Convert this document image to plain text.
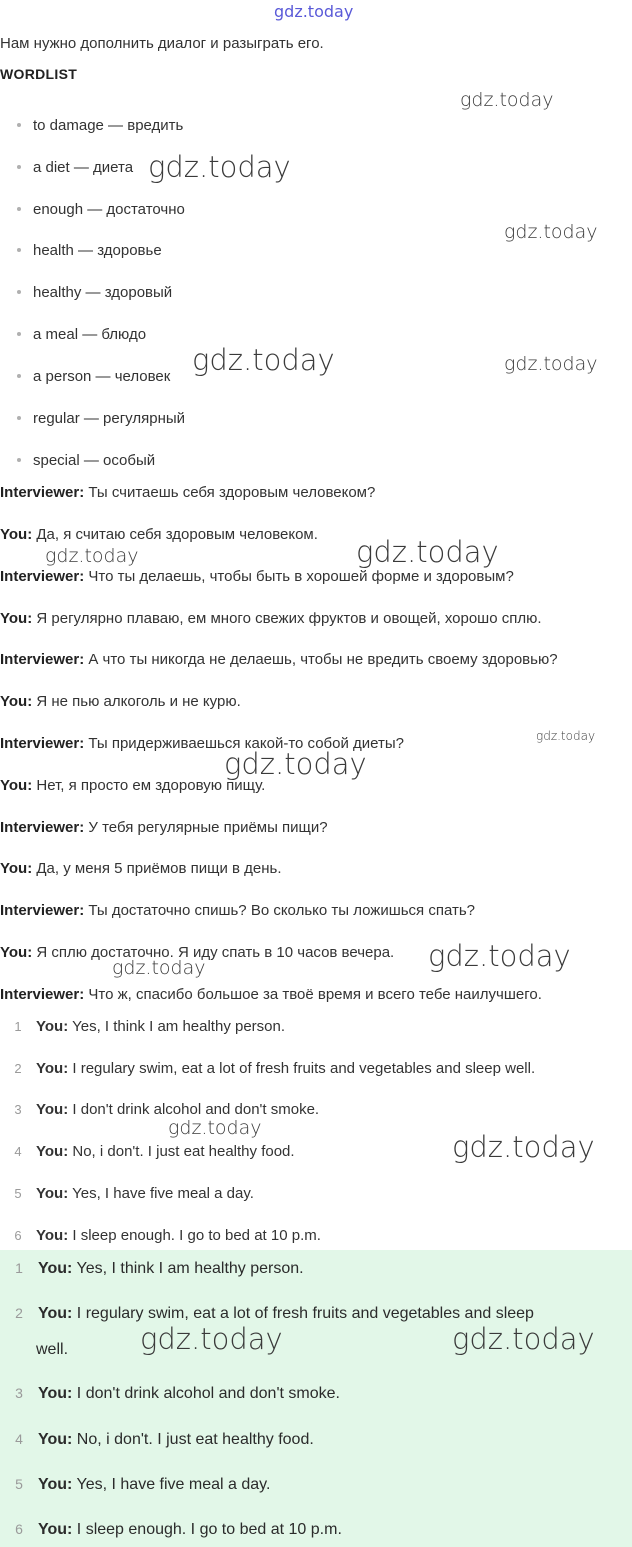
gdz.today
Нам нужно дополнить диалог и разыграть его.
WORDLIST
to damage — вредить
a diet — диета
enough — достаточно
health — здоровье
healthy — здоровый
a meal — блюдо
a person — человек
regular — регулярный
special — особый
Interviewer: Ты считаешь себя здоровым человеком?
You: Да, я считаю себя здоровым человеком.
Interviewer: Что ты делаешь, чтобы быть в хорошей форме и здоровым?
You: Я регулярно плаваю, ем много свежих фруктов и овощей, хорошо сплю.
Interviewer: А что ты никогда не делаешь, чтобы не вредить своему здоровью?
You: Я не пью алкоголь и не курю.
Interviewer: Ты придерживаешься какой-то собой диеты?
You: Нет, я просто ем здоровую пищу.
Interviewer: У тебя регулярные приёмы пищи?
You: Да, у меня 5 приёмов пищи в день.
Interviewer: Ты достаточно спишь? Во сколько ты ложишься спать?
You: Я сплю достаточно. Я иду спать в 10 часов вечера.
Interviewer: Что ж, спасибо большое за твоё время и всего тебе наилучшего.
1 You: Yes, I think I am healthy person.
2 You: I regulary swim, eat a lot of fresh fruits and vegetables and sleep well.
3 You: I don't drink alcohol and don't smoke.
4 You: No, i don't. I just eat healthy food.
5 You: Yes, I have five meal a day.
6 You: I sleep enough. I go to bed at 10 p.m.
1 You: Yes, I think I am healthy person.
2 You: I regulary swim, eat a lot of fresh fruits and vegetables and sleep
well.
3 You: I don't drink alcohol and don't smoke.
4 You: No, i don't. I just eat healthy food.
5 You: Yes, I have five meal a day.
6 You: I sleep enough. I go to bed at 10 p.m.
gdz.today
gdz.today
gdz.today
gdz.today	gdz.today
gdz.today	gdz.today
gdz.today
gdz.today
gdz.today
gdz.today
gdz.today
gdz.today
gdz.today	gdz.today
